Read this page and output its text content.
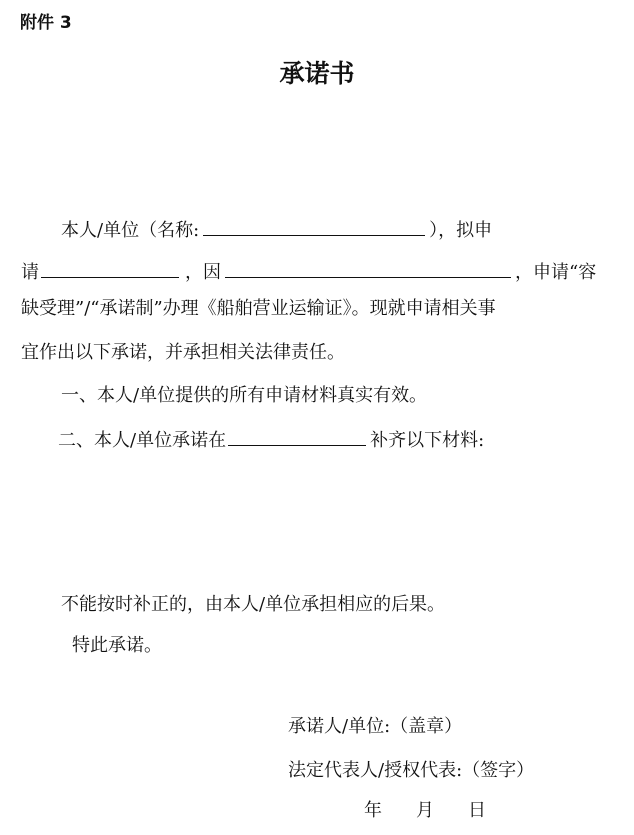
附件 3
承诺书
本人/单位（名称:	），拟申
请	，因	，申请“容
缺受理”/“承诺制”办理《船舶营业运输证》。现就申请相关事
宜作出以下承诺，并承担相关法律责任。
一、本人/单位提供的所有申请材料真实有效。
二、本人/单位承诺在	补齐以下材料:
不能按时补正的，由本人/单位承担相应的后果。
特此承诺。
承诺人/单位:（盖章）
法定代表人/授权代表:（签字）
年 月 日
